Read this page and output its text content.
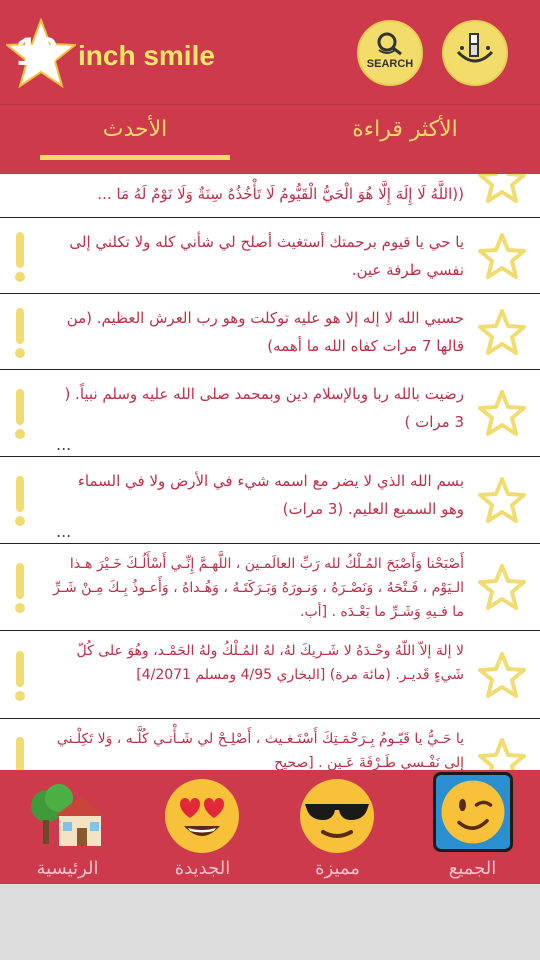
10 inch smile	SEARCH
الأحدث	الأكثر قراءة
((اللَّهُ لَا إِلَهَ إِلَّا هُوَ الْحَيُّ الْقَيُّومُ لَا تَأْخُذُهُ سِنَةٌ وَلَا نَوْمٌ لَهُ مَا ...
يا حي يا قيوم برحمتك أستغيث أصلح لي شأني كله ولا تكلني إلى نفسي طرفة عين.
حسبي الله لا إله إلا هو عليه توكلت وهو رب العرش العظيم. (من قالها 7 مرات كفاه الله ما أهمه)
رضيت بالله ربا وبالإسلام دين وبمحمد صلى الله عليه وسلم نبياً. ( 3 مرات )
...
بسم الله الذي لا يضر مع اسمه شيء في الأرض ولا في السماء وهو السميع العليم. (3 مرات)
...
أَصْبَحْنا وَأَصْبَحَ المُـلْكُ لله رَبِّ العالَمـين ، اللَّهـمَّ إِنِّـي أَسْأَلُـكَ خَـيْرَ هـذا الـيَوْم ، فَـتْحَهُ ، وَنَصْـرَهُ ، وَنـورَهُ وَبَـرَكَتَـهُ ، وَهُـداهُ ، وَأَعـوذُ بِـكَ مِـنْ شَـرِّ ما فـيهِ وَشَـرِّ ما بَعْـدَه . [أب.
لا إلهَ إلاّ اللّهُ وحْـدَهُ لا شَـريكَ لهُ، لهُ المُـلْكُ ولهُ الحَمْـد، وهُوَ على كُلّ شَيءٍ قَديـر. (مائة مرة) [البخاري 4/95 ومسلم 4/2071]
يا حَـيُّ يا قَيّـومُ بِـرَحْمَـتِكَ أَسْتَـغـيث ، أَصْلِـحْ لي شَـأْنـي كُلَّـه ، وَلا تَكِلْـني إِلى نَفْـسي طَـرْفَةَ عَـين . [صحيح
الرئيسية	الجديدة	مميزة	الجميع
